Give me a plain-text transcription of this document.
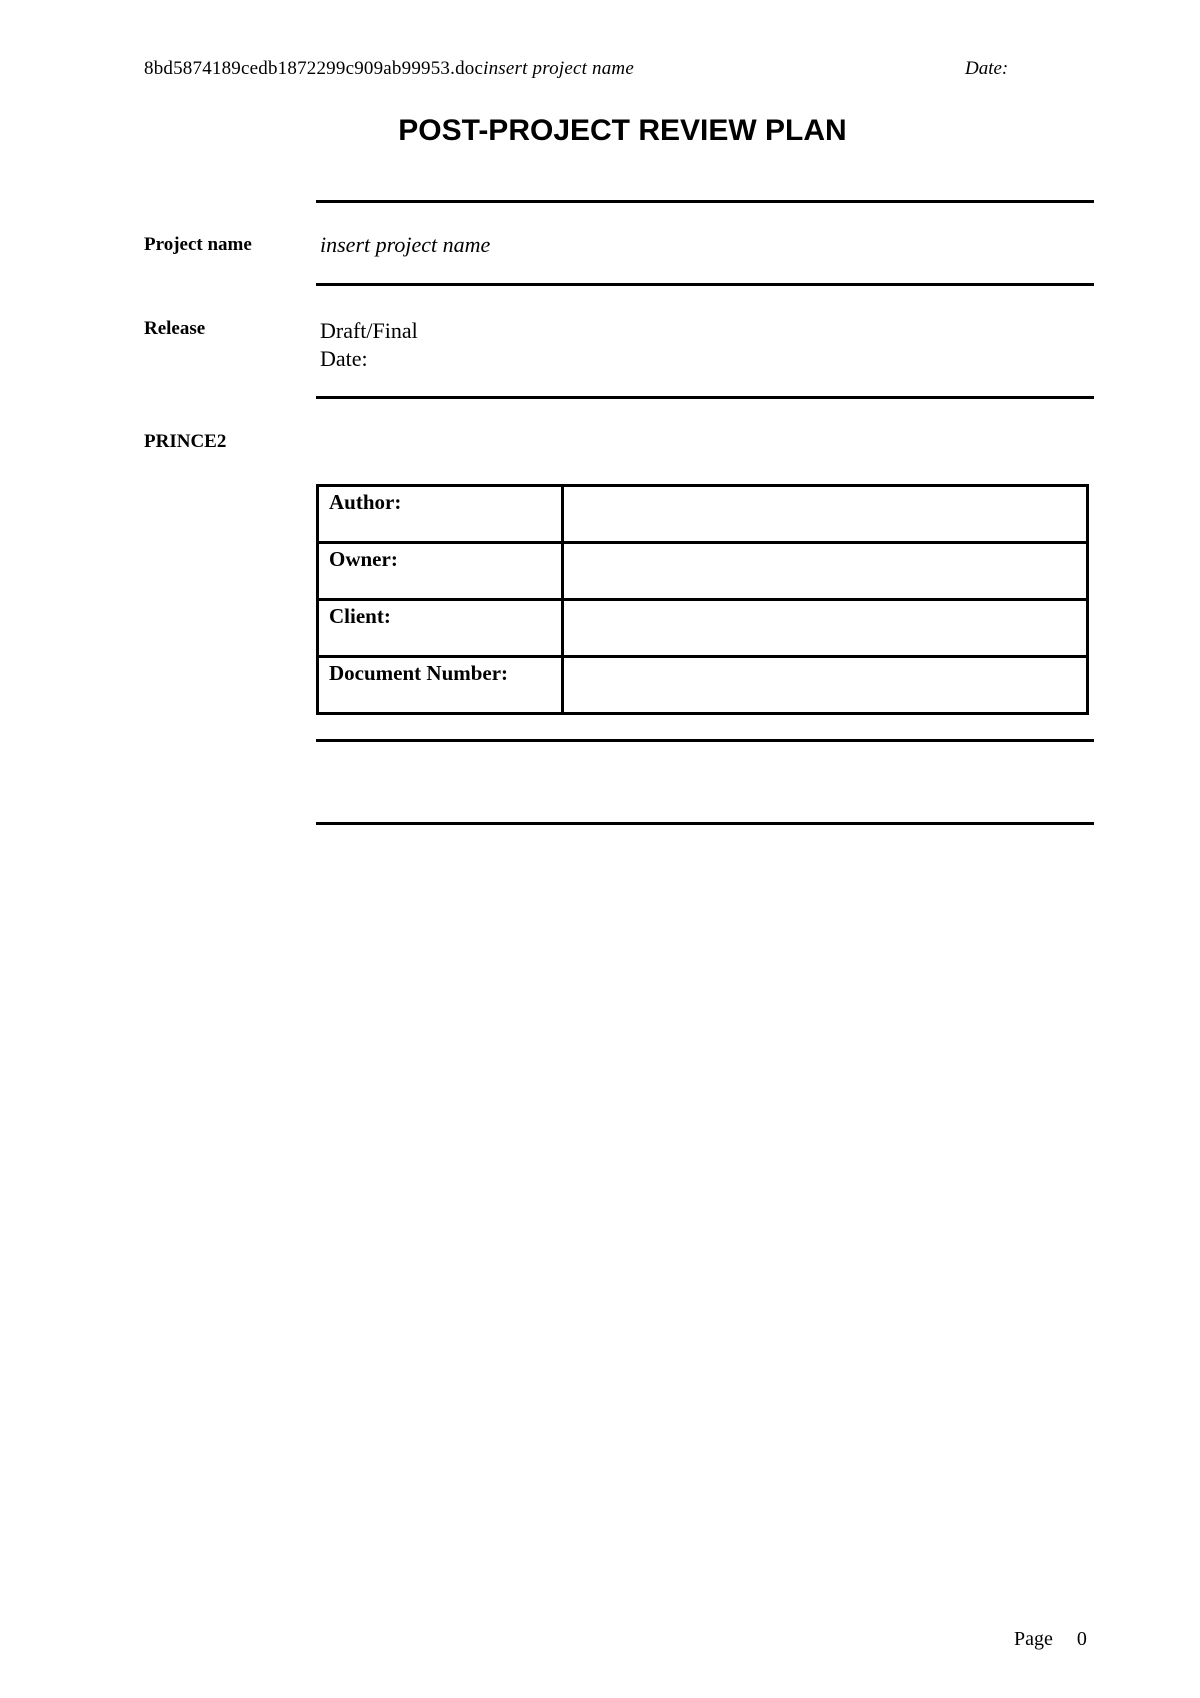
8bd5874189cedb1872299c909ab99953.docinsert project name	Date:
POST-PROJECT REVIEW PLAN
Project name	insert project name
Release	Draft/Final
Date:
PRINCE2
Author:	
Owner:	
Client:	
Document Number:	
Page 0
